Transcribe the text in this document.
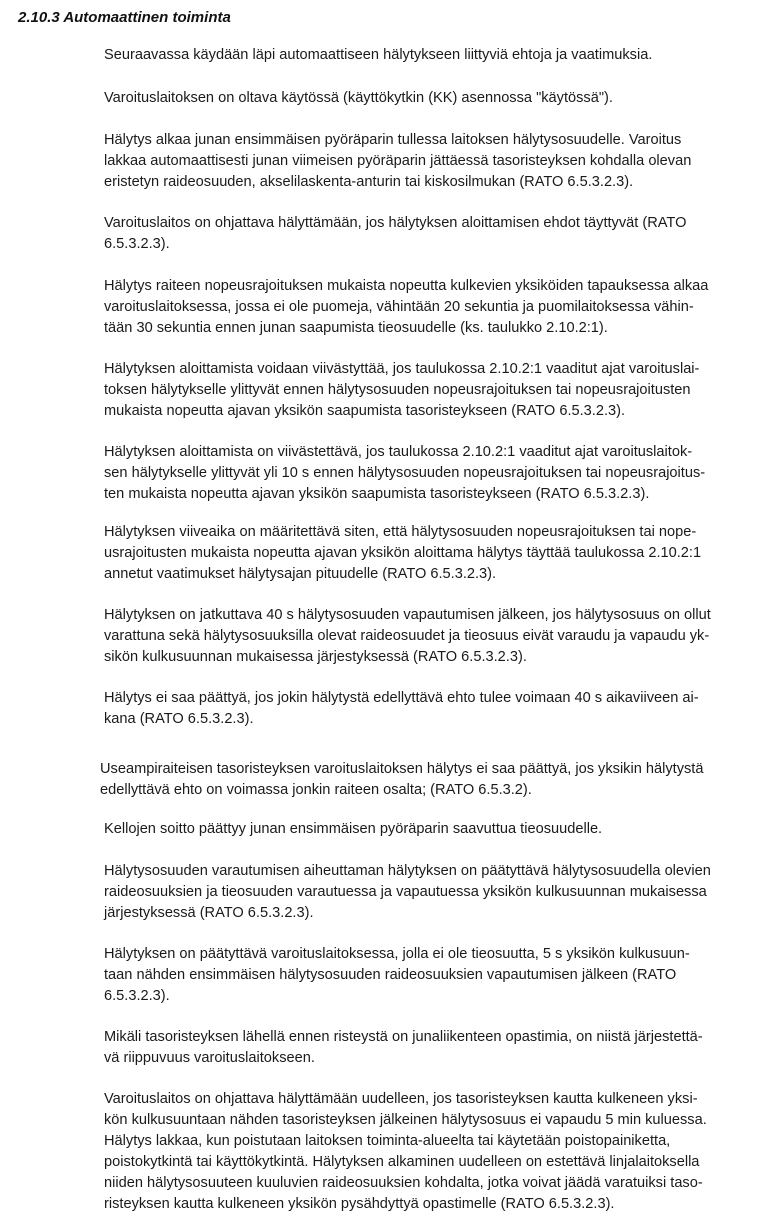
2.10.3 Automaattinen toiminta

Seuraavassa käydään läpi automaattiseen hälytykseen liittyviä ehtoja ja vaatimuksia.

Varoituslaitoksen on oltava käytössä (käyttökytkin (KK) asennossa "käytössä").

Hälytys alkaa junan ensimmäisen pyöräparin tullessa laitoksen hälytysosuudelle. Varoitus
lakkaa automaattisesti junan viimeisen pyöräparin jättäessä tasoristeyksen kohdalla olevan
eristetyn raideosuuden, akselilaskenta-anturin tai kiskosilmukan (RATO 6.5.3.2.3).

Varoituslaitos on ohjattava hälyttämään, jos hälytyksen aloittamisen ehdot täyttyvät (RATO
6.5.3.2.3).

Hälytys raiteen nopeusrajoituksen mukaista nopeutta kulkevien yksiköiden tapauksessa alkaa
varoituslaitoksessa, jossa ei ole puomeja, vähintään 20 sekuntia ja puomilaitoksessa vähin-
tään 30 sekuntia ennen junan saapumista tieosuudelle (ks. taulukko 2.10.2:1).

Hälytyksen aloittamista voidaan viivästyttää, jos taulukossa 2.10.2:1 vaaditut ajat varoituslai-
toksen hälytykselle ylittyvät ennen hälytysosuuden nopeusrajoituksen tai nopeusrajoitusten
mukaista nopeutta ajavan yksikön saapumista tasoristeykseen (RATO 6.5.3.2.3).

Hälytyksen aloittamista on viivästettävä, jos taulukossa 2.10.2:1 vaaditut ajat varoituslaitok-
sen hälytykselle ylittyvät yli 10 s ennen hälytysosuuden nopeusrajoituksen tai nopeusrajoitus-
ten mukaista nopeutta ajavan yksikön saapumista tasoristeykseen (RATO 6.5.3.2.3).

Hälytyksen viiveaika on määritettävä siten, että hälytysosuuden nopeusrajoituksen tai nope-
usrajoitusten mukaista nopeutta ajavan yksikön aloittama hälytys täyttää taulukossa 2.10.2:1
annetut vaatimukset hälytysajan pituudelle (RATO 6.5.3.2.3).

Hälytyksen on jatkuttava 40 s hälytysosuuden vapautumisen jälkeen, jos hälytysosuus on ollut
varattuna sekä hälytysosuuksilla olevat raideosuudet ja tieosuus eivät varaudu ja vapaudu yk-
sikön kulkusuunnan mukaisessa järjestyksessä (RATO 6.5.3.2.3).

Hälytys ei saa päättyä, jos jokin hälytystä edellyttävä ehto tulee voimaan 40 s aikaviiveen ai-
kana (RATO 6.5.3.2.3).

Useampiraiteisen tasoristeyksen varoituslaitoksen hälytys ei saa päättyä, jos yksikin hälytystä
edellyttävä ehto on voimassa jonkin raiteen osalta; (RATO 6.5.3.2).

Kellojen soitto päättyy junan ensimmäisen pyöräparin saavuttua tieosuudelle.

Hälytysosuuden varautumisen aiheuttaman hälytyksen on päätyttävä hälytysosuudella olevien
raideosuuksien ja tieosuuden varautuessa ja vapautuessa yksikön kulkusuunnan mukaisessa
järjestyksessä (RATO 6.5.3.2.3).

Hälytyksen on päätyttävä varoituslaitoksessa, jolla ei ole tieosuutta, 5 s yksikön kulkusuun-
taan nähden ensimmäisen hälytysosuuden raideosuuksien vapautumisen jälkeen (RATO
6.5.3.2.3).

Mikäli tasoristeyksen lähellä ennen risteystä on junaliikenteen opastimia, on niistä järjestettä-
vä riippuvuus varoituslaitokseen.

Varoituslaitos on ohjattava hälyttämään uudelleen, jos tasoristeyksen kautta kulkeneen yksi-
kön kulkusuuntaan nähden tasoristeyksen jälkeinen hälytysosuus ei vapaudu 5 min kuluessa.
Hälytys lakkaa, kun poistutaan laitoksen toiminta-alueelta tai käytetään poistopainiketta,
poistokytkintä tai käyttökytkintä. Hälytyksen alkaminen uudelleen on estettävä linjalaitoksella
niiden hälytysosuuteen kuuluvien raideosuuksien kohdalta, jotka voivat jäädä varatuiksi taso-
risteyksen kautta kulkeneen yksikön pysähdyttyä opastimelle (RATO 6.5.3.2.3).
